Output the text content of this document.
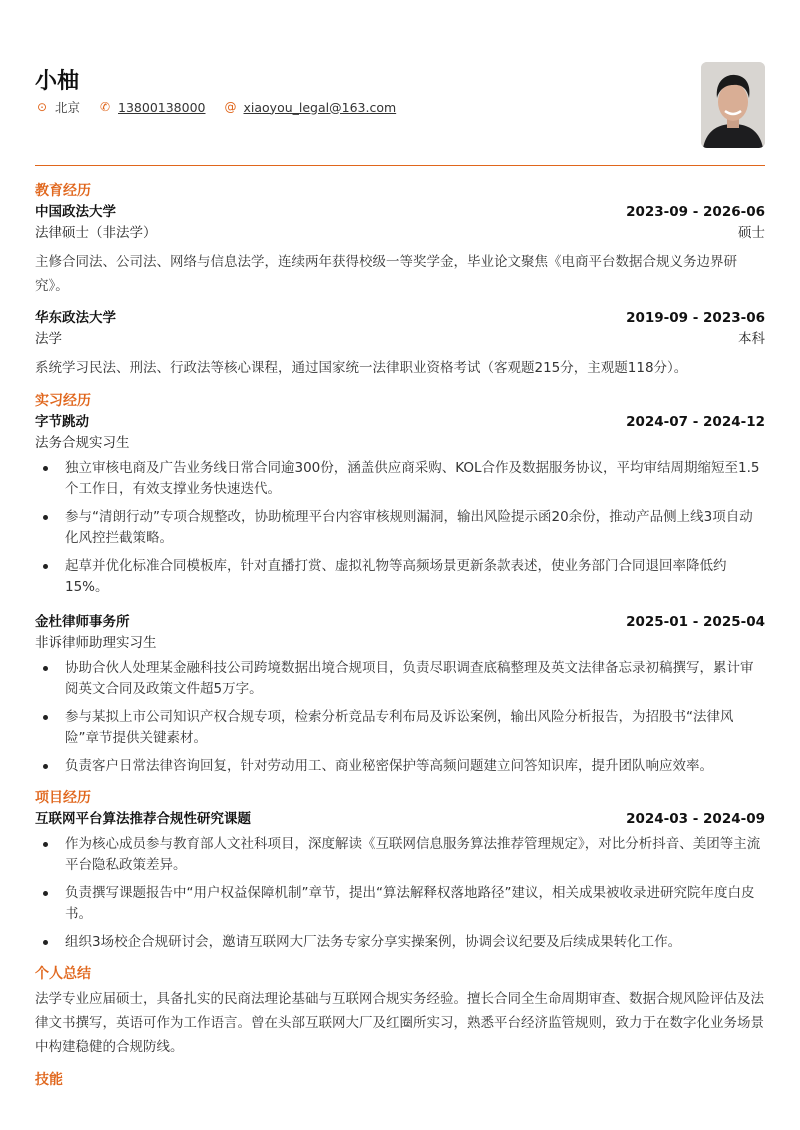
小柚
⊙ 北京 ✆ 13800138000 @ xiaoyou_legal@163.com
教育经历
中国政法大学	2023-09 - 2026-06
法律硕士（非法学）	硕士
主修合同法、公司法、网络与信息法学，连续两年获得校级一等奖学金，毕业论文聚焦《电商平台数据合规义务边界研究》。
华东政法大学	2019-09 - 2023-06
法学	本科
系统学习民法、刑法、行政法等核心课程，通过国家统一法律职业资格考试（客观题215分，主观题118分）。
实习经历
字节跳动	2024-07 - 2024-12
法务合规实习生
独立审核电商及广告业务线日常合同逾300份，涵盖供应商采购、KOL合作及数据服务协议，平均审结周期缩短至1.5个工作日，有效支撑业务快速迭代。
参与“清朗行动”专项合规整改，协助梳理平台内容审核规则漏洞，输出风险提示函20余份，推动产品侧上线3项自动化风控拦截策略。
起草并优化标准合同模板库，针对直播打赏、虚拟礼物等高频场景更新条款表述，使业务部门合同退回率降低约15%。
金杜律师事务所	2025-01 - 2025-04
非诉律师助理实习生
协助合伙人处理某金融科技公司跨境数据出境合规项目，负责尽职调查底稿整理及英文法律备忘录初稿撰写，累计审阅英文合同及政策文件超5万字。
参与某拟上市公司知识产权合规专项，检索分析竞品专利布局及诉讼案例，输出风险分析报告，为招股书“法律风险”章节提供关键素材。
负责客户日常法律咨询回复，针对劳动用工、商业秘密保护等高频问题建立问答知识库，提升团队响应效率。
项目经历
互联网平台算法推荐合规性研究课题	2024-03 - 2024-09
作为核心成员参与教育部人文社科项目，深度解读《互联网信息服务算法推荐管理规定》，对比分析抖音、美团等主流平台隐私政策差异。
负责撰写课题报告中“用户权益保障机制”章节，提出“算法解释权落地路径”建议，相关成果被收录进研究院年度白皮书。
组织3场校企合规研讨会，邀请互联网大厂法务专家分享实操案例，协调会议纪要及后续成果转化工作。
个人总结
法学专业应届硕士，具备扎实的民商法理论基础与互联网合规实务经验。擅长合同全生命周期审查、数据合规风险评估及法律文书撰写，英语可作为工作语言。曾在头部互联网大厂及红圈所实习，熟悉平台经济监管规则，致力于在数字化业务场景中构建稳健的合规防线。
技能
